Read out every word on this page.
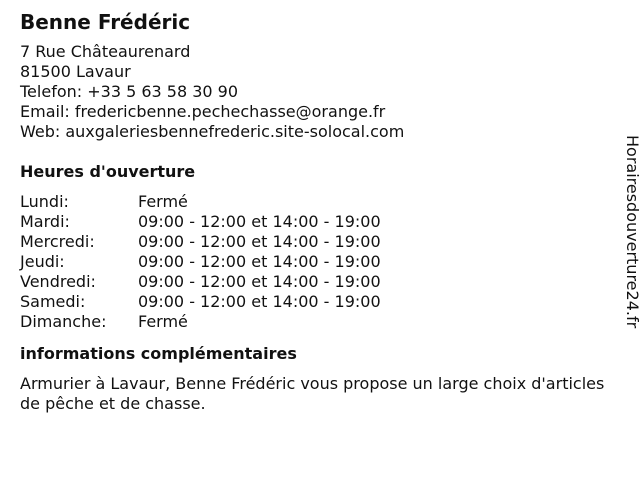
Benne Frédéric
7 Rue Châteaurenard
81500 Lavaur
Telefon: +33 5 63 58 30 90
Email: fredericbenne.pechechasse@orange.fr
Web: auxgaleriesbennefrederic.site-solocal.com
Heures d'ouverture
Lundi:	Fermé
Mardi:	09:00 - 12:00 et 14:00 - 19:00
Mercredi:	09:00 - 12:00 et 14:00 - 19:00
Jeudi:	09:00 - 12:00 et 14:00 - 19:00
Vendredi:	09:00 - 12:00 et 14:00 - 19:00
Samedi:	09:00 - 12:00 et 14:00 - 19:00
Dimanche: Fermé
informations complémentaires
Armurier à Lavaur, Benne Frédéric vous propose un large choix d'articles de pêche et de chasse.
Horairesdouverture24.fr
